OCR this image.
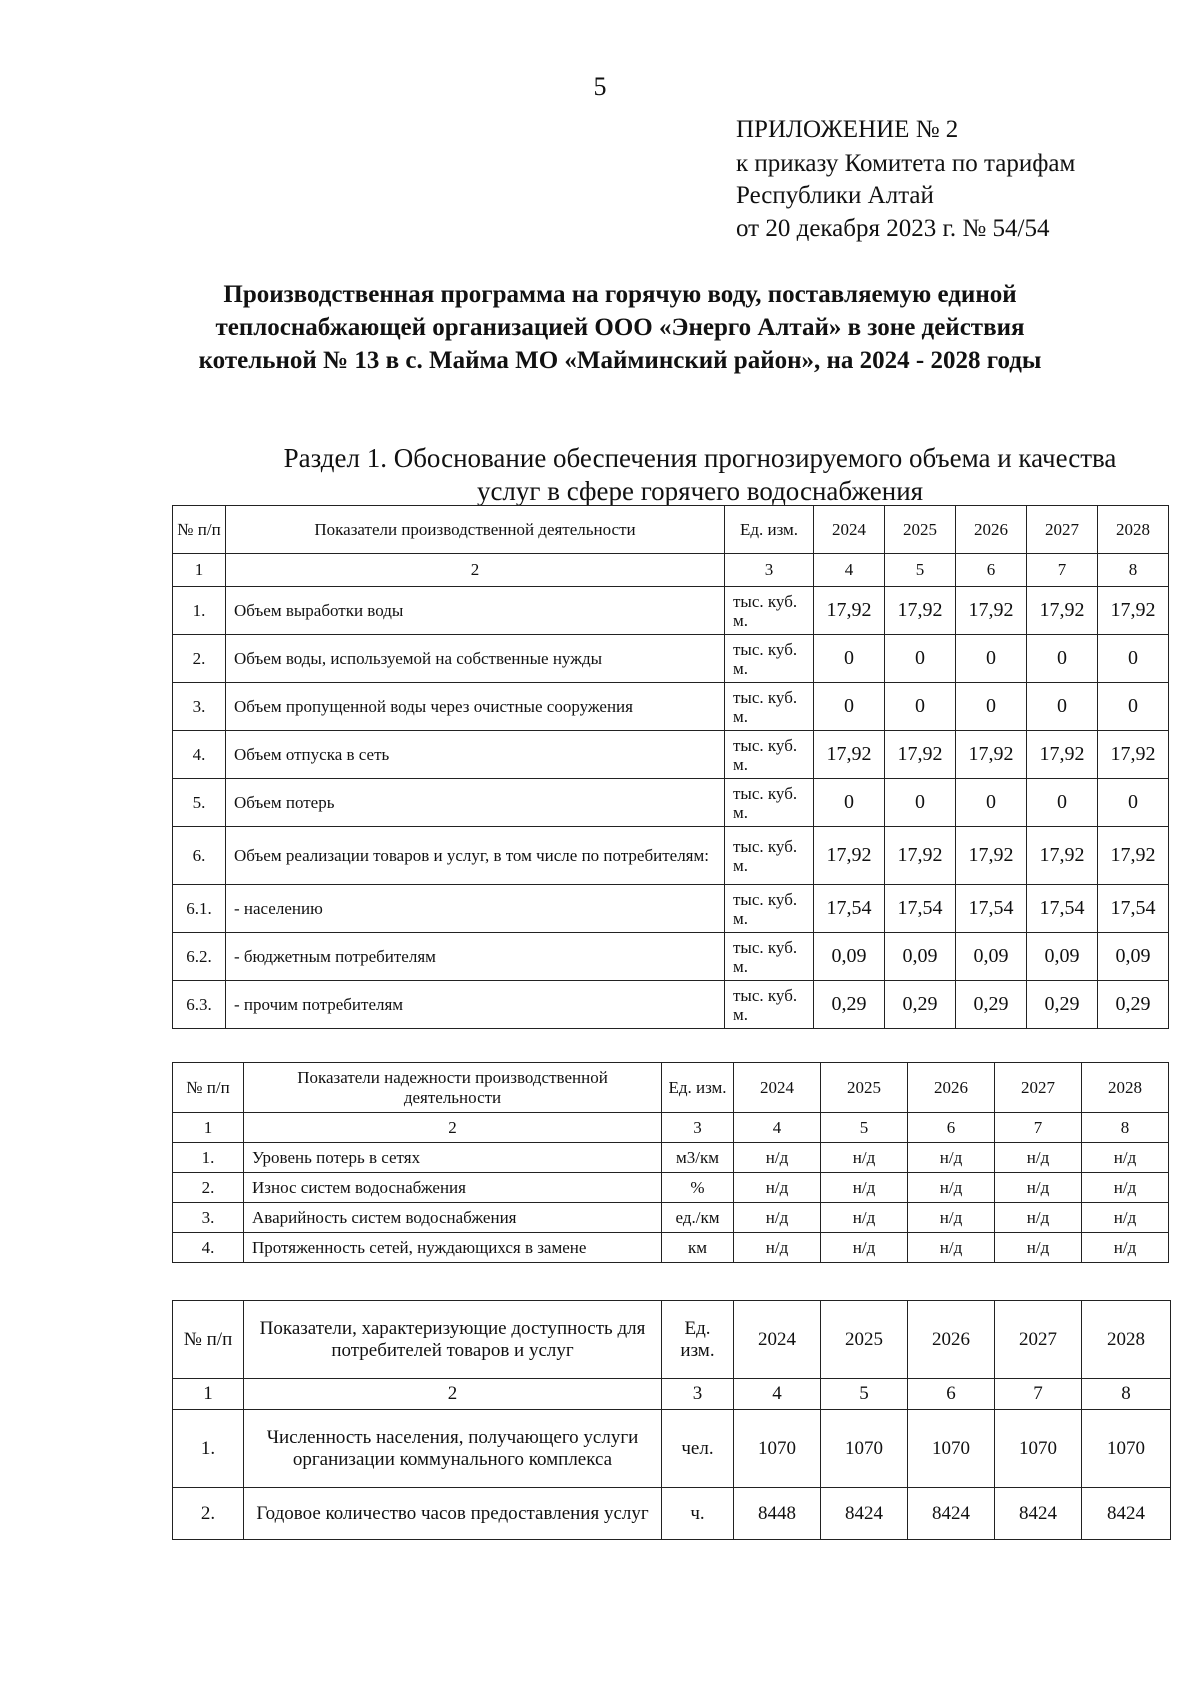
5
ПРИЛОЖЕНИЕ № 2
к приказу Комитета по тарифам
Республики Алтай
от 20 декабря 2023 г. № 54/54
Производственная программа на горячую воду, поставляемую единой теплоснабжающей организацией ООО «Энерго Алтай» в зоне действия котельной № 13 в с. Майма МО «Майминский район», на 2024 - 2028 годы
Раздел 1. Обоснование обеспечения прогнозируемого объема и качества
услуг в сфере горячего водоснабжения
№ п/п	Показатели производственной деятельности	Ед. изм.	2024	2025	2026	2027	2028
1	2	3	4	5	6	7	8
1.	Объем выработки воды	тыс. куб. м.	17,92	17,92	17,92	17,92	17,92
2.	Объем воды, используемой на собственные нужды	тыс. куб. м.	0	0	0	0	0
3.	Объем пропущенной воды через очистные сооружения	тыс. куб. м.	0	0	0	0	0
4.	Объем отпуска в сеть	тыс. куб. м.	17,92	17,92	17,92	17,92	17,92
5.	Объем потерь	тыс. куб. м.	0	0	0	0	0
6.	Объем реализации товаров и услуг, в том числе по потребителям:	тыс. куб. м.	17,92	17,92	17,92	17,92	17,92
6.1.	- населению	тыс. куб. м.	17,54	17,54	17,54	17,54	17,54
6.2.	- бюджетным потребителям	тыс. куб. м.	0,09	0,09	0,09	0,09	0,09
6.3.	- прочим потребителям	тыс. куб. м.	0,29	0,29	0,29	0,29	0,29
№ п/п	Показатели надежности производственной деятельности	Ед. изм.	2024	2025	2026	2027	2028
1	2	3	4	5	6	7	8
1.	Уровень потерь в сетях	м3/км	н/д	н/д	н/д	н/д	н/д
2.	Износ систем водоснабжения	%	н/д	н/д	н/д	н/д	н/д
3.	Аварийность систем водоснабжения	ед./км	н/д	н/д	н/д	н/д	н/д
4.	Протяженность сетей, нуждающихся в замене	км	н/д	н/д	н/д	н/д	н/д
№ п/п	Показатели, характеризующие доступность для потребителей товаров и услуг	Ед. изм.	2024	2025	2026	2027	2028
1	2	3	4	5	6	7	8
1.	Численность населения, получающего услуги организации коммунального комплекса	чел.	1070	1070	1070	1070	1070
2.	Годовое количество часов предоставления услуг	ч.	8448	8424	8424	8424	8424
